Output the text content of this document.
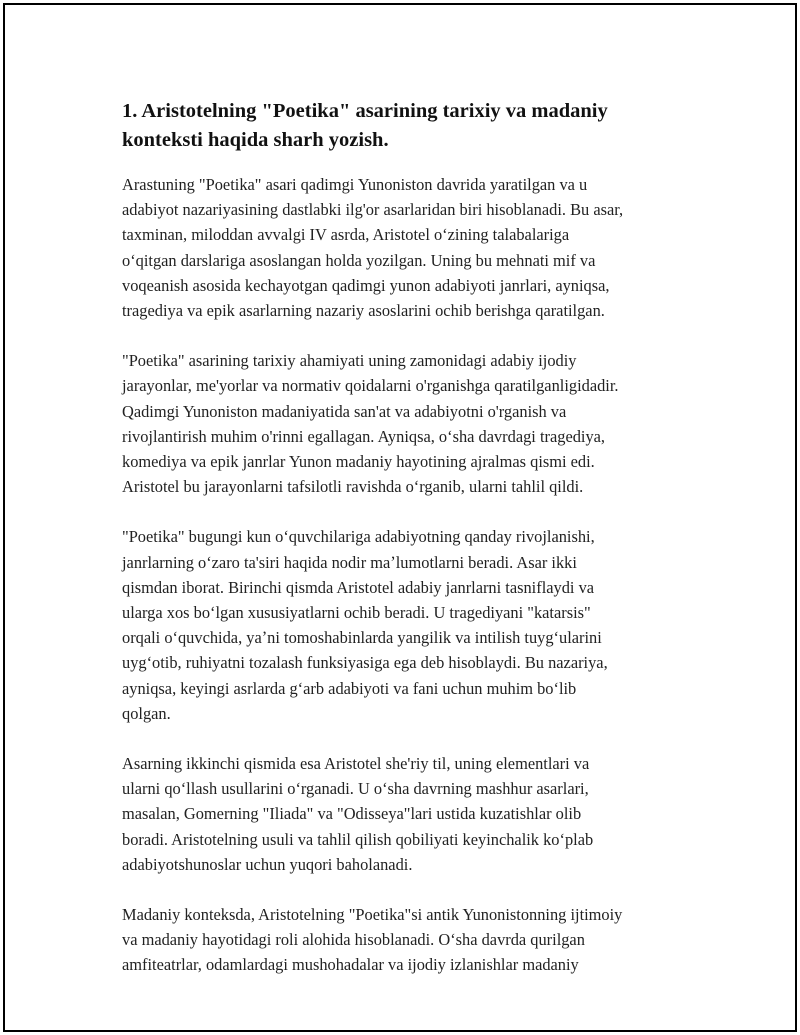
1. Aristotelning "Poetika" asarining tarixiy va madaniy
konteksti haqida sharh yozish.

Arastuning "Poetika" asari qadimgi Yunoniston davrida yaratilgan va u
adabiyot nazariyasining dastlabki ilg'or asarlaridan biri hisoblanadi. Bu asar,
taxminan, miloddan avvalgi IV asrda, Aristotel oʻzining talabalariga
oʻqitgan darslariga asoslangan holda yozilgan. Uning bu mehnati mif va
voqeanish asosida kechayotgan qadimgi yunon adabiyoti janrlari, ayniqsa,
tragediya va epik asarlarning nazariy asoslarini ochib berishga qaratilgan.

"Poetika" asarining tarixiy ahamiyati uning zamonidagi adabiy ijodiy
jarayonlar, me'yorlar va normativ qoidalarni o'rganishga qaratilganligidadir.
Qadimgi Yunoniston madaniyatida san'at va adabiyotni o'rganish va
rivojlantirish muhim o'rinni egallagan. Ayniqsa, oʻsha davrdagi tragediya,
komediya va epik janrlar Yunon madaniy hayotining ajralmas qismi edi.
Aristotel bu jarayonlarni tafsilotli ravishda oʻrganib, ularni tahlil qildi.

"Poetika" bugungi kun oʻquvchilariga adabiyotning qanday rivojlanishi,
janrlarning oʻzaro ta'siri haqida nodir maʼlumotlarni beradi. Asar ikki
qismdan iborat. Birinchi qismda Aristotel adabiy janrlarni tasniflaydi va
ularga xos boʻlgan xususiyatlarni ochib beradi. U tragediyani "katarsis"
orqali oʻquvchida, yaʼni tomoshabinlarda yangilik va intilish tuygʻularini
uygʻotib, ruhiyatni tozalash funksiyasiga ega deb hisoblaydi. Bu nazariya,
ayniqsa, keyingi asrlarda gʻarb adabiyoti va fani uchun muhim boʻlib
qolgan.

Asarning ikkinchi qismida esa Aristotel she'riy til, uning elementlari va
ularni qoʻllash usullarini oʻrganadi. U oʻsha davrning mashhur asarlari,
masalan, Gomerning "Iliada" va "Odisseya"lari ustida kuzatishlar olib
boradi. Aristotelning usuli va tahlil qilish qobiliyati keyinchalik koʻplab
adabiyotshunoslar uchun yuqori baholanadi.

Madaniy konteksda, Aristotelning "Poetika"si antik Yunonistonning ijtimoiy
va madaniy hayotidagi roli alohida hisoblanadi. Oʻsha davrda qurilgan
amfiteatrlar, odamlardagi mushohadalar va ijodiy izlanishlar madaniy
